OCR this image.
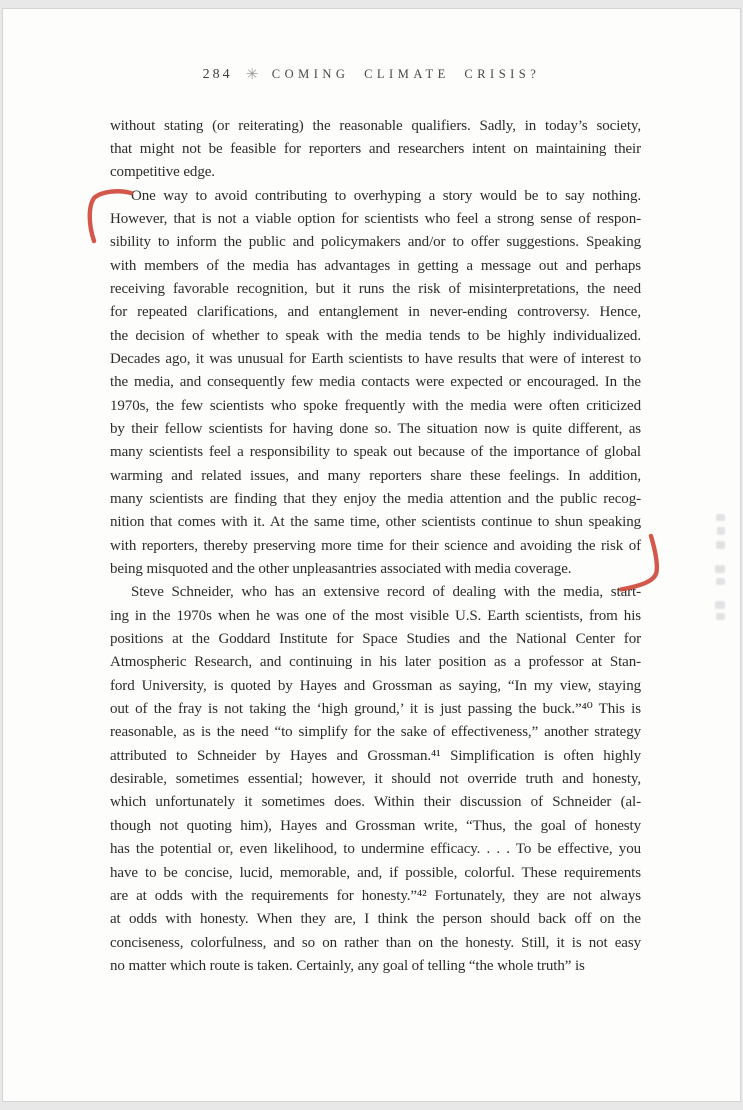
284 ✳ COMING CLIMATE CRISIS?
without stating (or reiterating) the reasonable qualifiers. Sadly, in today’s society,
that might not be feasible for reporters and researchers intent on maintaining their
competitive edge.
One way to avoid contributing to overhyping a story would be to say nothing.
However, that is not a viable option for scientists who feel a strong sense of respon-
sibility to inform the public and policymakers and/or to offer suggestions. Speaking
with members of the media has advantages in getting a message out and perhaps
receiving favorable recognition, but it runs the risk of misinterpretations, the need
for repeated clarifications, and entanglement in never-ending controversy. Hence,
the decision of whether to speak with the media tends to be highly individualized.
Decades ago, it was unusual for Earth scientists to have results that were of interest to
the media, and consequently few media contacts were expected or encouraged. In the
1970s, the few scientists who spoke frequently with the media were often criticized
by their fellow scientists for having done so. The situation now is quite different, as
many scientists feel a responsibility to speak out because of the importance of global
warming and related issues, and many reporters share these feelings. In addition,
many scientists are finding that they enjoy the media attention and the public recog-
nition that comes with it. At the same time, other scientists continue to shun speaking
with reporters, thereby preserving more time for their science and avoiding the risk of
being misquoted and the other unpleasantries associated with media coverage.
Steve Schneider, who has an extensive record of dealing with the media, start-
ing in the 1970s when he was one of the most visible U.S. Earth scientists, from his
positions at the Goddard Institute for Space Studies and the National Center for
Atmospheric Research, and continuing in his later position as a professor at Stan-
ford University, is quoted by Hayes and Grossman as saying, “In my view, staying
out of the fray is not taking the ‘high ground,’ it is just passing the buck.”⁴⁰ This is
reasonable, as is the need “to simplify for the sake of effectiveness,” another strategy
attributed to Schneider by Hayes and Grossman.⁴¹ Simplification is often highly
desirable, sometimes essential; however, it should not override truth and honesty,
which unfortunately it sometimes does. Within their discussion of Schneider (al-
though not quoting him), Hayes and Grossman write, “Thus, the goal of honesty
has the potential or, even likelihood, to undermine efficacy. . . . To be effective, you
have to be concise, lucid, memorable, and, if possible, colorful. These requirements
are at odds with the requirements for honesty.”⁴² Fortunately, they are not always
at odds with honesty. When they are, I think the person should back off on the
conciseness, colorfulness, and so on rather than on the honesty. Still, it is not easy
no matter which route is taken. Certainly, any goal of telling “the whole truth” is
